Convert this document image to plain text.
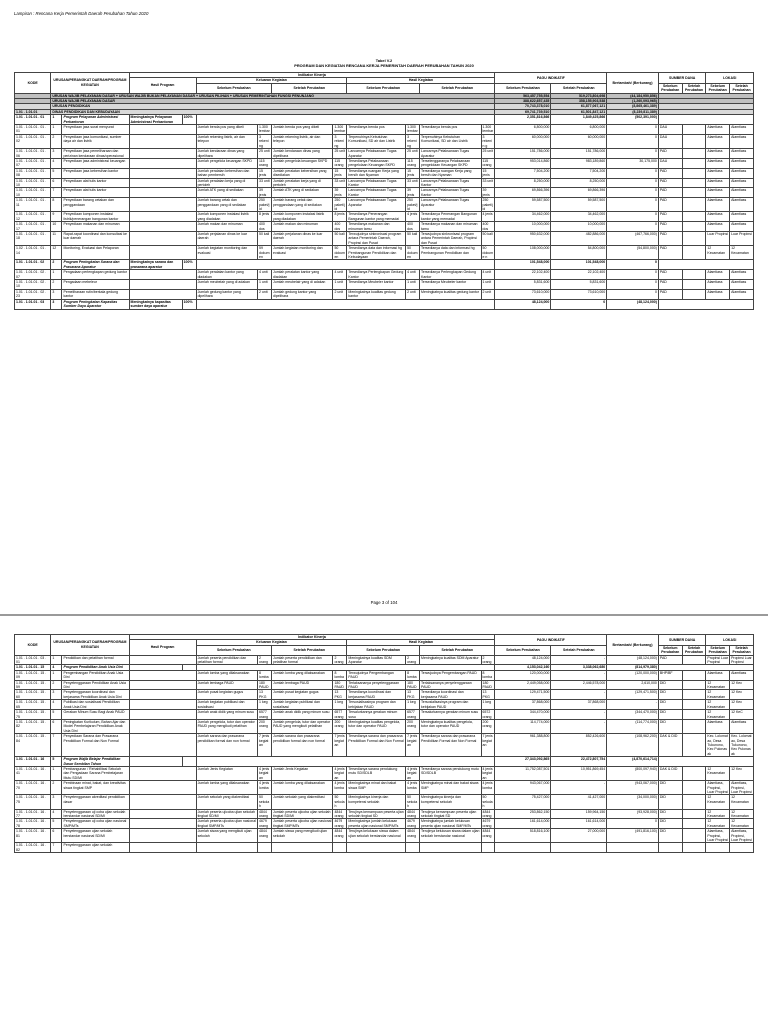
Lampiran : Rencana Kerja Pemerintah Daerah Perubahan Tahun 2020
Tabel V.2
PROGRAM DAN KEGIATAN RENCANA KERJA PEMERINTAH DAERAH PERUBAHAN TAHUN 2020
KODE	URUSAN/PERANGKAT DAERAH/PROGRAM KEGIATAN		Indikator Kinerja										PAGU INDIKATIF		Bertambah/ (Berkurang)	SUMBER DANA		LOKASI	
			Hasil Program		Keluaran Kegiatan				Hasil Kegiatan										
					Sebelum Perubahan		Setelah Perubahan		Sebelum Perubahan		Setelah Perubahan		Sebelum Perubahan	Setelah Perubahan		Sebelum Perubahan	Setelah Perubahan	Sebelum Perubahan	Setelah Perubahan
	URUSAN WAJIB PELAYANAN DASAR + URUSAN WAJIB BUKAN PELAYANAN DASAR + URUSAN PILIHAN + URUSAN PEMERINTAHAN FUNGSI PENUNJANG												563,457,755,554	519,273,804,698	(44,184,950,856)				
	URUSAN WAJIB PELAYANAN DASAR												388,622,657,435	358,155,903,538	(1,260,093,965)				
	URUSAN PENDIDIKAN												70,743,378,010	61,877,067,121	(8,865,461,389)				
1.01 . 1.01.01	DINAS PENDIDIKAN DAN KEBUDAYAAN												69,741,739,510	61,501,847,121	(8,239,811,389)				
1.01 . 1.01.01 . 01	1	Program Pelayanan Administrasi Perkantoran	Meningkatnya Pelayanan Administrasi Perkantoran	100%									2,351,816,866	1,849,425,866	(502,391,000)				
1.01 . 1.01.01 . 01 . 01	1	Penyediaan jasa surat menyurat			Jumlah benda pos yang dikeli	1.300 lembar	Jumlah benda pos yang dikeli	1.300 lembar	Tersedianya benda pos	1.300 lembar	Tersedianya benda pos	1.300 lembar	6,800,000	6,800,000	0	DAU		Alamtiass	Alamtiass
1.01 . 1.01.01 . 01 . 02	2	Penyediaan jasa komunikasi, sumber daya air dan listrik			Jumlah rekening listrik, air dan telepon	3 rekening	Jumlah rekening listrik, air dan telepon	3 rekening	Terpenuhinya Kebutuhan Komunikasi, SD air dan Listrik	3 rekening	Terpenuhinya Kebutuhan Komunikasi, SD air dan Listrik	3 rekenin g	60,000,000	60,000,000	0	DAU		Alamtiass	Alamtiass
1.01 . 1.01.01 . 01 . 06	3	Penyediaan jasa pemeliharaan dan perizinan kendaraan dinas/operasional			Jumlah kendaraan dinas yang dipelihara	25 unit	Jumlah kendaraan dinas yang dipelihara	25 unit	Lancarnya Pelaksanaan Tugas Aparatur	25 unit	Lancarnya Pelaksanaan Tugas Aparatur	25 unit	151,786,000	151,786,000	0	PAD		Alamtiass	Alamtiass
1.01 . 1.01.01 . 01 . 07	4	Penyediaan jasa administrasi keuangan			Jumlah pengelola keuangan SKPD	115 orang	Jumlah pengelola keuangan SKPD	115 orang	Tersedianya Pelaksanaan pengelolaan Keuangan SKPD	115 orang	Terselenggaranya Pelaksanaan pengelolaan Keuangan SKPD	115 orang	953,014,860	983,189,860	30,175,000	DAU		Alamtiass	Alamtiass
1.01 . 1.01.01 . 01 . 08	5	Penyediaan jasa kebersihan kantor			Jumlah peralatan kebersihan dan bahan pembersih	15 jenis	Jumlah peralatan kebersihan yang disediakan	15 jenis	Tersedianya ruangan Kerja yang bersih dan Nyaman	15 jenis	Tersedianya ruangan Kerja yang bersih dan Nyaman	15 jenis	7,504,200	7,504,200	0	PAD		Alamtiass	Alamtiass
1.01 . 1.01.01 . 01 . 10	6	Penyediaan alat tulis kantor			Jumlah peralatan kerja yang di pertoleh	33 unit	Jumlah peralatan kerja yang di pertoleh	33 unit	Lancarnya Pelaksanaan Tugas Kantor	33 unit	Lancarnya Pelaksanaan Tugas Kantor	33 unit	8,250,000	8,250,000	0	PAD		Alamtiass	Alamtiass
1.01 . 1.01.01 . 01 . 10	7	Penyediaan alat tulis kantor			Jumlah ATK yang di sediakan	39 jenis	Jumlah ATK yang di sediakan	39 jenis	Lancarnya Pelaksanaan Tugas Kantor	39 jenis	Lancarnya Pelaksanaan Tugas Kantor	39 jenis	69,866,396	69,866,396	0	PAD		Alamtiass	Alamtiass
1.01 . 1.01.01 . 01 . 11	8	Penyediaan barang cetakan dan penggandaan			Jumlah barang cetak dan penggandaan yang di sediakan	250 paket/jld	Jumlah barang cetak dan penggandaan yang di sediakan	250 paket/jld	Lancarnya Pelaksanaan Tugas Aparatur	250 paket/jld	Lancarnya Pelaksanaan Tugas Aparatur	250 paket/jld	59,587,500	59,587,500	0	PAD		Alamtiass	Alamtiass
1.01 . 1.01.01 . 01 . 12	9	Penyediaan komponen instalasi listrik/penerangan bangunan kantor			Jumlah komponen instalasi listrik yang diadakan	8 jenis	Jumlah komponen instalasi listrik yang diadakan	8 jenis	Tersedianya Penerangan Bangunan kantor yang memadai	4 jenis	Tersedianya Penerangan Bangunan kantor yang memadai	4 jenis	34,462,000	34,462,000	0	PAD		Alamtiass	Alamtiass
1.01 . 1.01.01 . 01 . 17	10	Penyediaan makanan dan minuman			Jumlah makan dan minuman	400 dos	Jumlah makan dan minuman	400 dos	Tersedianya makanan dan minuman tamu	400 dos	Tersedianya makanan dan minuman tamu	400 dos	10,000,000	10,000,000	0	PAD		Alamtiass	Alamtiass
1.01 . 1.01.01 . 01 . 18	11	Rapat-rapat koordinasi dan konsultasi ke luar daerah			Jumlah perjalanan dinas ke luar daerah	50 kali	Jumlah perjalanan dinas ke luar daerah	50 kali	Terwujudnya sinkronisasi program antara Pemerintah Daerah, Propinsi dan Pusat	50 kali	Terwujudnya sinkronisasi program antara Pemerintah Daerah, Propinsi dan Pusat	50 kali	950,632,000	482,886,000	(467,766,000)	PAD		Luar Propinsi	Luar Propinsi
1.02 . 1.01.01 . 01 . 14	12	Monitoring, Evaluasi dan Pelaporan			Jumlah kegiatan monitoring dan evaluasi	59 dokumen	Jumlah kegiatan monitoring dan evaluasi	50 dokumen	Tersedianya data dan informasi hg Pembangunan Pendidikan dan Kebudayaan	50 dokumen	Tersedianya data dan informasi hg Pembangunan Pendidikan dan	50 dokume n	108,000,000	54,800,000	(54,800,000)	PAD		12 Kecamatan	12 Kecamatan
1.01 . 1.01.01 . 02	2	Program Peningkatan Sarana dan Prasarana Aparatur	Meningkatnya sarana dan prasarana aparatur	100%									101,548,000	101,548,000	0				
1.01 . 1.01.01 . 02 . 07	1	Pengadaan perlengkapan gedung kantor			Jumlah peralatan kantor yang diadakan	4 unit	Jumlah peralatan kantor yang diadakan	4 unit	Tersedianya Perlengkapan Gedung Kantor	4 unit	Tersedianya Perlengkapan Gedung Kantor	4 unit	22,102,400	22,102,400	0	PAD		Alamtiass	Alamtiass
1.01 . 1.01.01 . 02 . 10	2	Pengadaan mebeleur			Jumlah meubelair yang di adakan	1 unit	Jumlah meubelair yang di adakan	1 unit	Tersedianya Meubeler kantor	1 unit	Tersedianya Meubeler kantor	1 unit	5,831,600	5,831,600	0	PAD		Alamtiass	Alamtiass
1.01 . 1.01.01 . 02 . 23	3	Pemeliharaan rutin/berkala gedung kantor			Jumlah gedung kantor yang dipelihara	2 unit	Jumlah gedung kantor yang dipelihara	2 unit	Meningkatnya kualitas gedung kantor	2 unit	Meningkatnya kualitas gedung kantor	2 unit	73,610,000	73,610,000	0	PAD		Alamtiass	Alamtiass
1.01 . 1.01.01 . 03	3	Program Peningkatan Kapasitas Sumber Daya Aparatur	Meningkatnya kapasitas sumber daya aparatur	100%									48,124,000	0	(48,124,000)				
Page 3 of 104
KODE	URUSAN/PERANGKAT DAERAH/PROGRAM KEGIATAN		Indikator Kinerja										PAGU INDIKATIF		Bertambah/ (Berkurang)	SUMBER DANA		LOKASI	
			Hasil Program		Keluaran Kegiatan				Hasil Kegiatan										
					Sebelum Perubahan		Setelah Perubahan		Sebelum Perubahan		Setelah Perubahan		Sebelum Perubahan	Setelah Perubahan		Sebelum Perubahan	Setelah Perubahan	Sebelum Perubahan	Setelah Perubahan
1.01 . 1.01.01 . 03 . 01	1	Pendidikan dan pelatihan formal			Jumlah peserta pendidikan dan pelatihan formal	2 orang	Jumlah peserta pendidikan dan pelatihan formal	2 orang	Meningkatnya kualitas SDM Aparatur	2 orang	Meningkatnya kualitas SDM Aparatur	2 orang	48,124,000	-	(48,124,000)	PAD		Propinsi Luar Propinsi	Propinsi Luar Propinsi
1.01 . 1.01.01 . 15	4	Program Pendidikan Anak Usia Dini											4,153,042,160	3,338,062,680	(814,979,380)				
1.01 . 1.01.01 . 15 . 09	1	Pengembangan Pendidikan Anak Usia Dini			Jumlah lomba yang dilaksanakan	8 lomba	Jumlah lomba yang dilaksanakan	8 lomba	Terwujudnya Pengembangan PAUD	8 lomba	Terwujudnya Pengembangan PAUD	8 lomba	120,000,000	-	(120,000,000)	BHP/BF		Alamtiass	Alamtiass
1.01 . 1.01.01 . 15 . 59	2	Penyelenggaraan Pendidikan Anak Usia Dini			Jumlah lembaga PAUD	180 PAUD	Jumlah lembaga PAUD	180 PAUD	Terlaksananya penyelenggaraan PAUD	180 PAUD	Terlaksananya penyelenggaraan PAUD	180 PAUD	2,449,058,000	2,446,578,000	2,610,000	DID		12 Kecamatan	12 Kec
1.01 . 1.01.01 . 15 . 60	3	Penyelenggaraan koordinasi dan kerjasama Pendidikan Anak Usia Dini			Jumlah pusat kegiatan gugus	13 PKG	Jumlah pusat kegiatan gugus	13 PKG	Tersedianya koordinasi dan kerjasama PAUD	13 PKG	Tersedianya koordinasi dan kerjasama PAUD	13 PKG	129,471,500	-	(129,471,500)	DID		12 Kecamatan	12 Kec
1.01 . 1.01.01 . 15 . 65	4	Publikasi dan sosialisasi Pendidikan Anak Usia Dini			Jumlah kegiatan publikasi dan sosialisasi	1 keg	Jumlah kegiatan publikasi dan sosialisasi	1 keg	Tersosialisasinya program dan kebijakan PAUD	1 keg	Tersosialisasinya program dan kebijakan PAUD	1 keg	37,868,000	37,868,000	-	DID		12 Kecamatan	12 Kec
1.01 . 1.01.01 . 15 . 75	5	Gerakan Minum Susu Bagi Anak PAUD			Jumlah anak didik yang minum susu	6577 orang	Jumlah anak didik yang minum susu	6577 orang	Tersalurkannya gerakan minum susu	6577 orang	Tersalurkannya gerakan minum susu	6572 orang	344,470,000	-	(344,470,000)	DID		12 Kecamatan	12 KeC
1.01 . 1.01.01 . 15 . 82	6	Peningkatan Kurikulum, Bahan Ajar dan Model Pembelajaran Pendidikan Anak Usia Dini			Jumlah pengelola, tutor dan operator PAUD yang mengikuti pelatihan	200 orang	Jumlah pengelola, tutor dan operator PAUD yang mengikuti pelatihan	200 orang	Meningkatnya kualitas pengelola, tutor dan operator PAUD	200 orang	Meningkatnya kualitas pengelola, tutor dan operator PAUD	200 orang	114,774,000	-	(114,774,000)	DID		Alamtiass	Alamtiass
1.01 . 1.01.01 . 15 . 84	7	Penyediaan Sarana dan Prasarana Pendidikan Formal dan Non Formal			Jumlah sarana dan prasarana pendidikan formal dan non formal	7 jenis kegiatan	Jumlah sarana dan prasarana pendidikan formal dan non formal	7 jenis kegiatan	Tersedianya sarana dan prasarana Pendidikan Formal dan Non Formal	7 jenis kegiatan	Tersedianya sarana dan prasarana Pendidikan Formal dan Non Formal	7 jenis kegiatan	961,388,800	852,426,600	(108,962,200)	DAK & DID		Kec. Lolomat ao, Desa Tukunono, Kec Pulonas ak	Kec. Lolomat ao, Desa Tukunono, Kec Pulonas ak
1.01 . 1.01.01 . 16	5	Program Wajib Belajar Pendidikan Dasar Sembilan Tahun											27,343,092,865	22,472,807,754	(4,870,614,714)				
1.01 . 1.01.01 . 16 . 41	1	Pembangunan / Rehabilitasi Sekolah dan Pengadaan Sarana Pembelajaran Mutu SD/MI			Jumlah Jenis Kegiatan	4 jenis kegiatan	Jumlah Jenis Kegiatan	4 jenis kegiatan	Tersedianya sarana pendukung mutu SD/SDLB	4 jenis kegiatan	Tersedianya sarana pendukung mutu SD/SDLB	4 jenis kegiatan	11,752,087,501	10,951,869,454	(800,097,940)	DAK & DID		12 Kecamatan	12 Kec
1.01 . 1.01.01 . 16 . 70	2	Pembinaan minat, bakat, dan kreativitas siswa tingkat SMP			Jumlah lomba yang dilaksanakan	4 jenis lomba	Jumlah lomba yang dilaksanakan	4 jenis lomba	Meningkatnya minat dan bakat siswa SMP	4 jenis lomba	Meningkatnya minat dan bakat siswa SMP	4 jenis lomba	943,067,000	-	(943,067,000)	DID		Alamtiass, Propinsi, Luar Propinsi	Alamtiass, Propinsi, Luar Propinsi
1.01 . 1.01.01 . 16 . 75	3	Penyelenggaraan akreditasi pendidikan dasar			Jumlah sekolah yang diakreditasi	50 sekolah	Jumlah sekolah yang diakreditasi	50 sekolah	Meningkatnya kinerja dan kompetensi sekolah	50 sekolah	Meningkatnya kinerja dan kompetensi sekolah	50 sekolah	75,427,000	41,427,000	(34,000,000)	DID		12 Kecamatan	12 Kecamatan
1.01 . 1.01.01 . 16 . 77	4	Penyelenggaraan uji coba ujian sekolah berstandar nasional SD/MI			Jumlah peserta ujicoba ujian sekolah tingkat SD/MI	4844 orang	Jumlah peserta ujicoba ujian sekolah tingkat SD/MI	4844 orang	Terujinya kemampuan peserta ujian sekolah tingkat SD	4844 orang	Terujinya kemampuan peserta ujian sekolah tingkat SD	4844 orang	253,862,150	159,964,150	(93,928,000)	DID		12 Kecamatan	12 Kecamatan
1.01 . 1.01.01 . 16 . 78	5	Penyelenggaraan uji coba ujian nasional SMP/MTs			Jumlah peserta ujicoba ujian nasional tingkat SMP/MTs	4679 orang	Jumlah peserta ujicoba ujian nasional tingkat SMP/MTs	4679 orang	Meningkatnya jumlah kelulusan peserta ujian nasional SMP/MTs	4679 orang	Meningkatnya jumlah kelulusan peserta ujian nasional SMP/MTs	4679 orang	161,614,000	161,614,000	0	DID		12 Kecamatan	12 Kecamatan
1.01 . 1.01.01 . 16 . 81	6	Penyelenggaraan ujian sekolah berstandar nasional SD/MI			Jumlah siswa yang mengikuti ujian sekolah	4844 orang	Jumlah siswa yang mengikuti ujian sekolah	4844 orang	Terujinya kelulusan siswa dalam ujian sekolah berstandar nasional	4844 orang	Terujinya kelulusan siswa dalam ujian sekolah berstandar nasional	4844 orang	518,816,100	27,000,000	(491,816,100)	DID		Alamtiass, Propinsi, Luar Propinsi	Alamtiass, Propinsi, Luar Propinsi
1.01 . 1.01.01 . 16 . 82	7	Penyelenggaraan ujian sekolah																	
